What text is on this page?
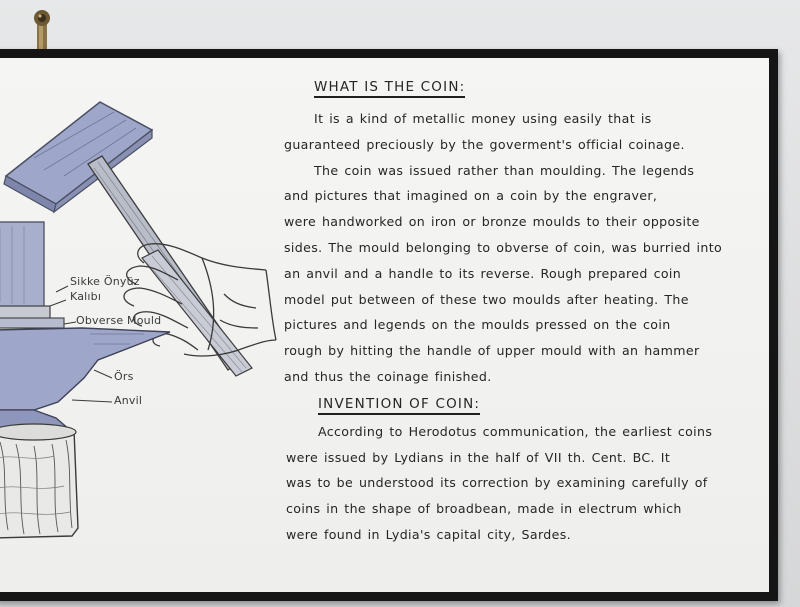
Sikke Önyüz
Kalıbı
Obverse Mould
Örs
Anvil
WHAT IS THE COIN:
It is a kind of metallic money using easily that is
guaranteed preciously by the goverment's official coinage.
The coin was issued rather than moulding. The legends
and pictures that imagined on a coin by the engraver,
were handworked on iron or bronze moulds to their opposite
sides. The mould belonging to obverse of coin, was burried into
an anvil and a handle to its reverse. Rough prepared coin
model put between of these two moulds after heating. The
pictures and legends on the moulds pressed on the coin
rough by hitting the handle of upper mould with an hammer
and thus the coinage finished.
INVENTION OF COIN:
According to Herodotus communication, the earliest coins
were issued by Lydians in the half of VII th. Cent. BC. It
was to be understood its correction by examining carefully of
coins in the shape of broadbean, made in electrum which
were found in Lydia's capital city, Sardes.
